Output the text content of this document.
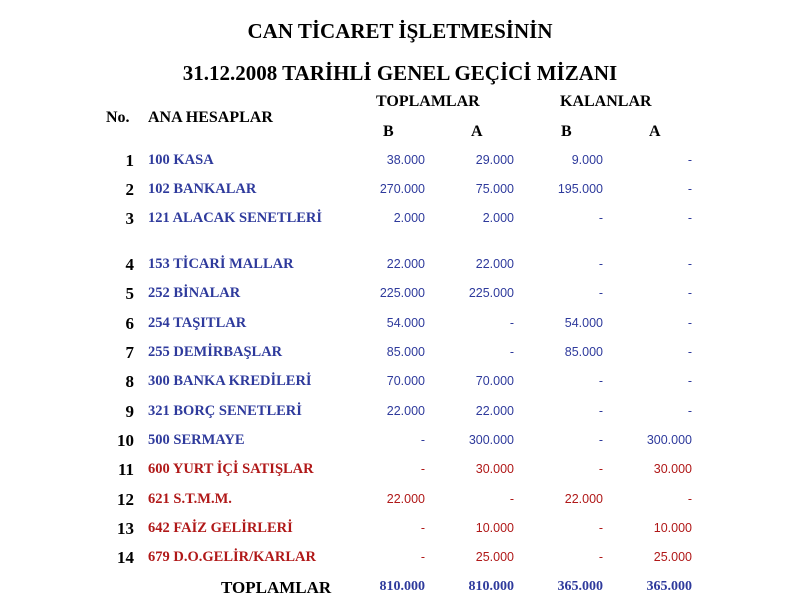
CAN TİCARET İŞLETMESİNİN
31.12.2008 TARİHLİ GENEL GEÇİCİ MİZANI
No. ANA HESAPLAR
TOPLAMLAR	KALANLAR
B	A	B	A
1 100 KASA	38.000	29.000	9.000	-
2 102 BANKALAR	270.000	75.000	195.000	-
3 121 ALACAK SENETLERİ	2.000	2.000	-	-
4 153 TİCARİ MALLAR	22.000	22.000	-	-
5 252 BİNALAR	225.000	225.000	-	-
6 254 TAŞITLAR	54.000	-	54.000	-
7 255 DEMİRBAŞLAR	85.000	-	85.000	-
8 300 BANKA KREDİLERİ	70.000	70.000	-	-
9 321 BORÇ SENETLERİ	22.000	22.000	-	-
10 500 SERMAYE	-	300.000	-	300.000
11 600 YURT İÇİ SATIŞLAR	-	30.000	-	30.000
12 621 S.T.M.M.	22.000	-	22.000	-
13 642 FAİZ GELİRLERİ	-	10.000	-	10.000
14 679 D.O.GELİR/KARLAR	-	25.000	-	25.000
TOPLAMLAR	810.000	810.000	365.000	365.000
